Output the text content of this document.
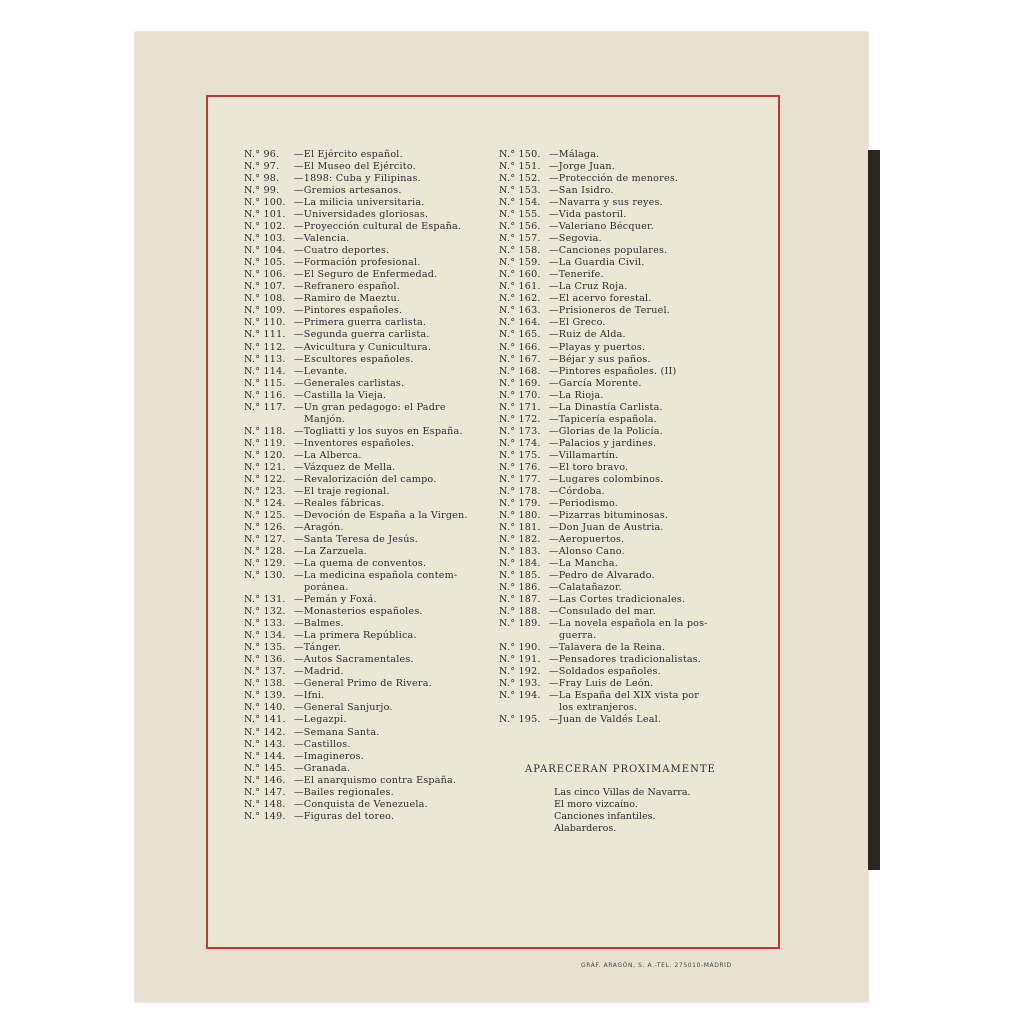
N.° 96.	—El Ejército español.
N.° 97.	—El Museo del Ejército.
N.° 98.	—1898: Cuba y Filipinas.
N.° 99.	—Gremios artesanos.
N.° 100. —La milicia universitaria.
N.° 101. —Universidades gloriosas.
N.° 102. —Proyección cultural de España.
N.° 103. —Valencia.
N.° 104. —Cuatro deportes.
N.° 105. —Formación profesional.
N.° 106. —El Seguro de Enfermedad.
N.° 107. —Refranero español.
N.° 108. —Ramiro de Maeztu.
N.° 109. —Pintores españoles.
N.° 110. —Primera guerra carlista.
N.° 111. —Segunda guerra carlista.
N.° 112. —Avicultura y Cunicultura.
N.° 113. —Escultores españoles.
N.° 114. —Levante.
N.° 115. —Generales carlistas.
N.° 116. —Castilla la Vieja.
N.° 117. —Un gran pedagogo: el Padre
Manjón.
N.° 118. —Togliatti y los suyos en España.
N.° 119. —Inventores españoles.
N.° 120. —La Alberca.
N.° 121. —Vázquez de Mella.
N.° 122. —Revalorización del campo.
N.° 123. —El traje regional.
N.° 124. —Reales fábricas.
N.° 125. —Devoción de España a la Virgen.
N.° 126. —Aragón.
N.° 127. —Santa Teresa de Jesús.
N.° 128. —La Zarzuela.
N.° 129. —La quema de conventos.
N.° 130. —La medicina española contem-
poránea.
N.° 131. —Pemán y Foxá.
N.° 132. —Monasterios españoles.
N.° 133. —Balmes.
N.° 134. —La primera República.
N.° 135. —Tánger.
N.° 136. —Autos Sacramentales.
N.° 137. —Madrid.
N.° 138. —General Primo de Rivera.
N.° 139. —Ifni.
N.° 140. —General Sanjurjo.
N.° 141. —Legazpi.
N.° 142. —Semana Santa.
N.° 143. —Castillos.
N.° 144. —Imagineros.
N.° 145. —Granada.
N.° 146. —El anarquismo contra España.
N.° 147. —Bailes regionales.
N.° 148. —Conquista de Venezuela.
N.° 149. —Figuras del toreo.
N.° 150. —Málaga.
N.° 151. —Jorge Juan.
N.° 152. —Protección de menores.
N.° 153. —San Isidro.
N.° 154. —Navarra y sus reyes.
N.° 155. —Vida pastoril.
N.° 156. —Valeriano Bécquer.
N.° 157. —Segovia.
N.° 158. —Canciones populares.
N.° 159. —La Guardia Civil.
N.° 160. —Tenerife.
N.° 161. —La Cruz Roja.
N.° 162. —El acervo forestal.
N.° 163. —Prisioneros de Teruel.
N.° 164. —El Greco.
N.° 165. —Ruiz de Alda.
N.° 166. —Playas y puertos.
N.° 167. —Béjar y sus paños.
N.° 168. —Pintores españoles. (II)
N.° 169. —García Morente.
N.° 170. —La Rioja.
N.° 171. —La Dinastía Carlista.
N.° 172. —Tapicería española.
N.° 173. —Glorias de la Policía.
N.° 174. —Palacios y jardines.
N.° 175. —Villamartín.
N.° 176. —El toro bravo.
N.° 177. —Lugares colombinos.
N.° 178. —Córdoba.
N.° 179. —Periodismo.
N.° 180. —Pizarras bituminosas.
N.° 181. —Don Juan de Austria.
N.° 182. —Aeropuertos.
N.° 183. —Alonso Cano.
N.° 184. —La Mancha.
N.° 185. —Pedro de Alvarado.
N.° 186. —Calatañazor.
N.° 187. —Las Cortes tradicionales.
N.° 188. —Consulado del mar.
N.° 189. —La novela española en la pos-
guerra.
N.° 190. —Talavera de la Reina.
N.° 191. —Pensadores tradicionalistas.
N.° 192. —Soldados españoles.
N.° 193. —Fray Luis de León.
N.° 194. —La España del XIX vista por
los extranjeros.
N.° 195. —Juan de Valdés Leal.
APARECERAN PROXIMAMENTE
Las cinco Villas de Navarra.
El moro vizcaíno.
Canciones infantiles.
Alabarderos.
GRÁF. ARAGÓN, S. A.-TEL. 275010-MADRID
